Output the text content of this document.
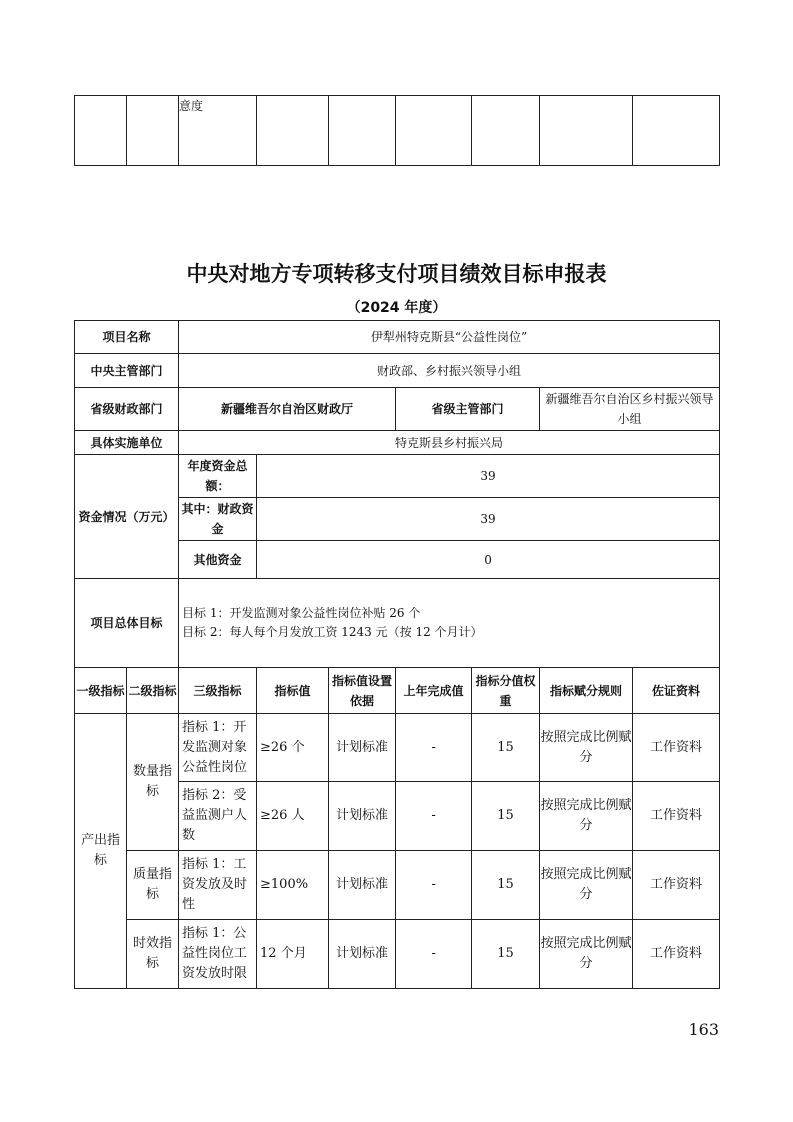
		意度						
中央对地方专项转移支付项目绩效目标申报表
（2024 年度）
项目名称		伊犁州特克斯县“公益性岗位”						
中央主管部门		财政部、乡村振兴领导小组						
省级财政部门		新疆维吾尔自治区财政厅			省级主管部门		新疆维吾尔自治区乡村振兴领导小组	
具体实施单位		特克斯县乡村振兴局						
资金情况（万元）		年度资金总额：	39					
		其中：财政资金	39					
		其他资金	0					
项目总体目标		目标 1：开发监测对象公益性岗位补贴 26 个
目标 2：每人每个月发放工资 1243 元（按 12 个月计）						

一级指标	二级指标	三级指标	指标值	指标值设置依据	上年完成值	指标分值权重	指标赋分规则	佐证资料
产出指标	数量指标	指标 1：开发监测对象公益性岗位	≥26 个	计划标准	-	15	按照完成比例赋分	工作资料
		指标 2：受益监测户人数	≥26 人	计划标准	-	15	按照完成比例赋分	工作资料
	质量指标	指标 1：工资发放及时性	≥100%	计划标准	-	15	按照完成比例赋分	工作资料
	时效指标	指标 1：公益性岗位工资发放时限	12 个月	计划标准	-	15	按照完成比例赋分	工作资料
163
